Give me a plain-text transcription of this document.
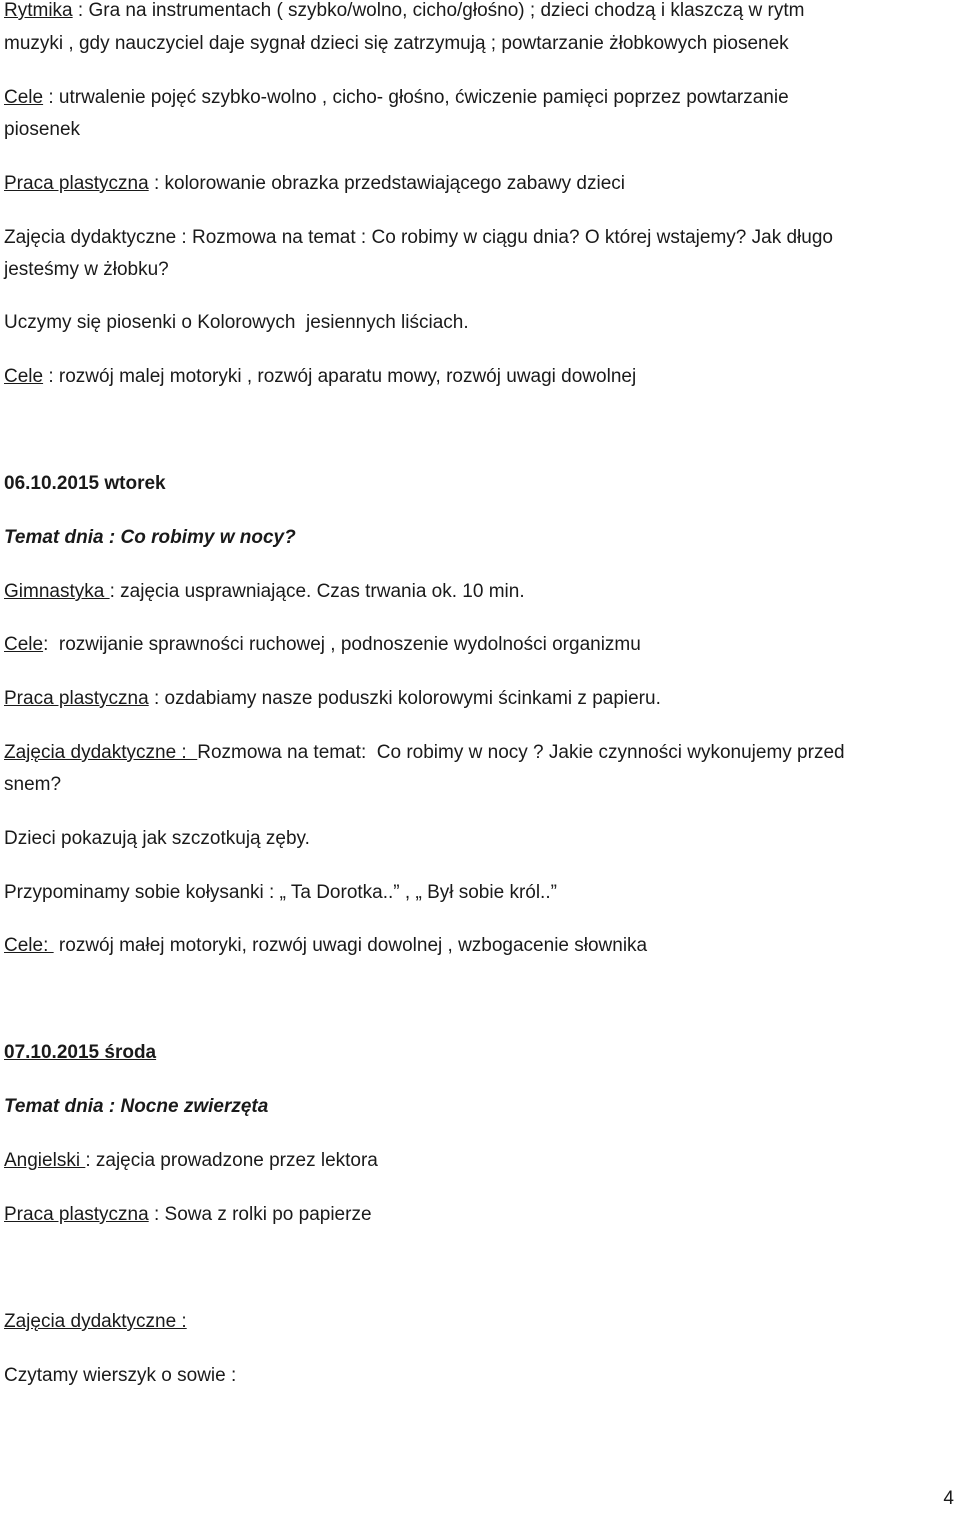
Rytmika : Gra na instrumentach ( szybko/wolno, cicho/głośno) ; dzieci chodzą i klaszczą w rytm
muzyki , gdy nauczyciel daje sygnał dzieci się zatrzymują ; powtarzanie żłobkowych piosenek
Cele : utrwalenie pojęć szybko-wolno , cicho- głośno, ćwiczenie pamięci poprzez powtarzanie
piosenek
Praca plastyczna : kolorowanie obrazka przedstawiającego zabawy dzieci
Zajęcia dydaktyczne : Rozmowa na temat : Co robimy w ciągu dnia? O której wstajemy? Jak długo
jesteśmy w żłobku?
Uczymy się piosenki o Kolorowych  jesiennych liściach.
Cele : rozwój malej motoryki , rozwój aparatu mowy, rozwój uwagi dowolnej
06.10.2015 wtorek
Temat dnia : Co robimy w nocy?
Gimnastyka : zajęcia usprawniające. Czas trwania ok. 10 min.
Cele:  rozwijanie sprawności ruchowej , podnoszenie wydolności organizmu
Praca plastyczna : ozdabiamy nasze poduszki kolorowymi ścinkami z papieru.
Zajęcia dydaktyczne :  Rozmowa na temat:  Co robimy w nocy ? Jakie czynności wykonujemy przed
snem?
Dzieci pokazują jak szczotkują zęby.
Przypominamy sobie kołysanki : „ Ta Dorotka..” , „ Był sobie król..”
Cele:  rozwój małej motoryki, rozwój uwagi dowolnej , wzbogacenie słownika
07.10.2015 środa
Temat dnia : Nocne zwierzęta
Angielski : zajęcia prowadzone przez lektora
Praca plastyczna : Sowa z rolki po papierze
Zajęcia dydaktyczne :
Czytamy wierszyk o sowie :
4
